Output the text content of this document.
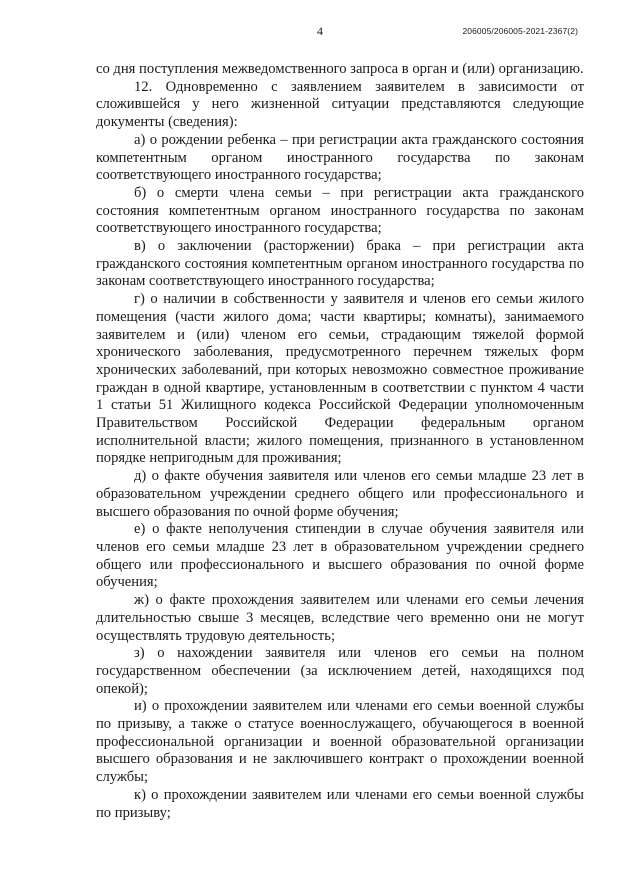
4	206005/206005-2021-2367(2)

со дня поступления межведомственного запроса в орган и (или) организацию.

12. Одновременно с заявлением заявителем в зависимости от сложившейся у него жизненной ситуации представляются следующие документы (сведения):

а) о рождении ребенка – при регистрации акта гражданского состояния компетентным органом иностранного государства по законам соответствующего иностранного государства;

б) о смерти члена семьи – при регистрации акта гражданского состояния компетентным органом иностранного государства по законам соответствующего иностранного государства;

в) о заключении (расторжении) брака – при регистрации акта гражданского состояния компетентным органом иностранного государства по законам соответствующего иностранного государства;

г) о наличии в собственности у заявителя и членов его семьи жилого помещения (части жилого дома; части квартиры; комнаты), занимаемого заявителем и (или) членом его семьи, страдающим тяжелой формой хронического заболевания, предусмотренного перечнем тяжелых форм хронических заболеваний, при которых невозможно совместное проживание граждан в одной квартире, установленным в соответствии с пунктом 4 части 1 статьи 51 Жилищного кодекса Российской Федерации уполномоченным Правительством Российской Федерации федеральным органом исполнительной власти; жилого помещения, признанного в установленном порядке непригодным для проживания;

д) о факте обучения заявителя или членов его семьи младше 23 лет в образовательном учреждении среднего общего или профессионального и высшего образования по очной форме обучения;

е) о факте неполучения стипендии в случае обучения заявителя или членов его семьи младше 23 лет в образовательном учреждении среднего общего или профессионального и высшего образования по очной форме обучения;

ж) о факте прохождения заявителем или членами его семьи лечения длительностью свыше 3 месяцев, вследствие чего временно они не могут осуществлять трудовую деятельность;

з) о нахождении заявителя или членов его семьи на полном государственном обеспечении (за исключением детей, находящихся под опекой);

и) о прохождении заявителем или членами его семьи военной службы по призыву, а также о статусе военнослужащего, обучающегося в военной профессиональной организации и военной образовательной организации высшего образования и не заключившего контракт о прохождении военной службы;

к) о прохождении заявителем или членами его семьи военной службы по призыву;
